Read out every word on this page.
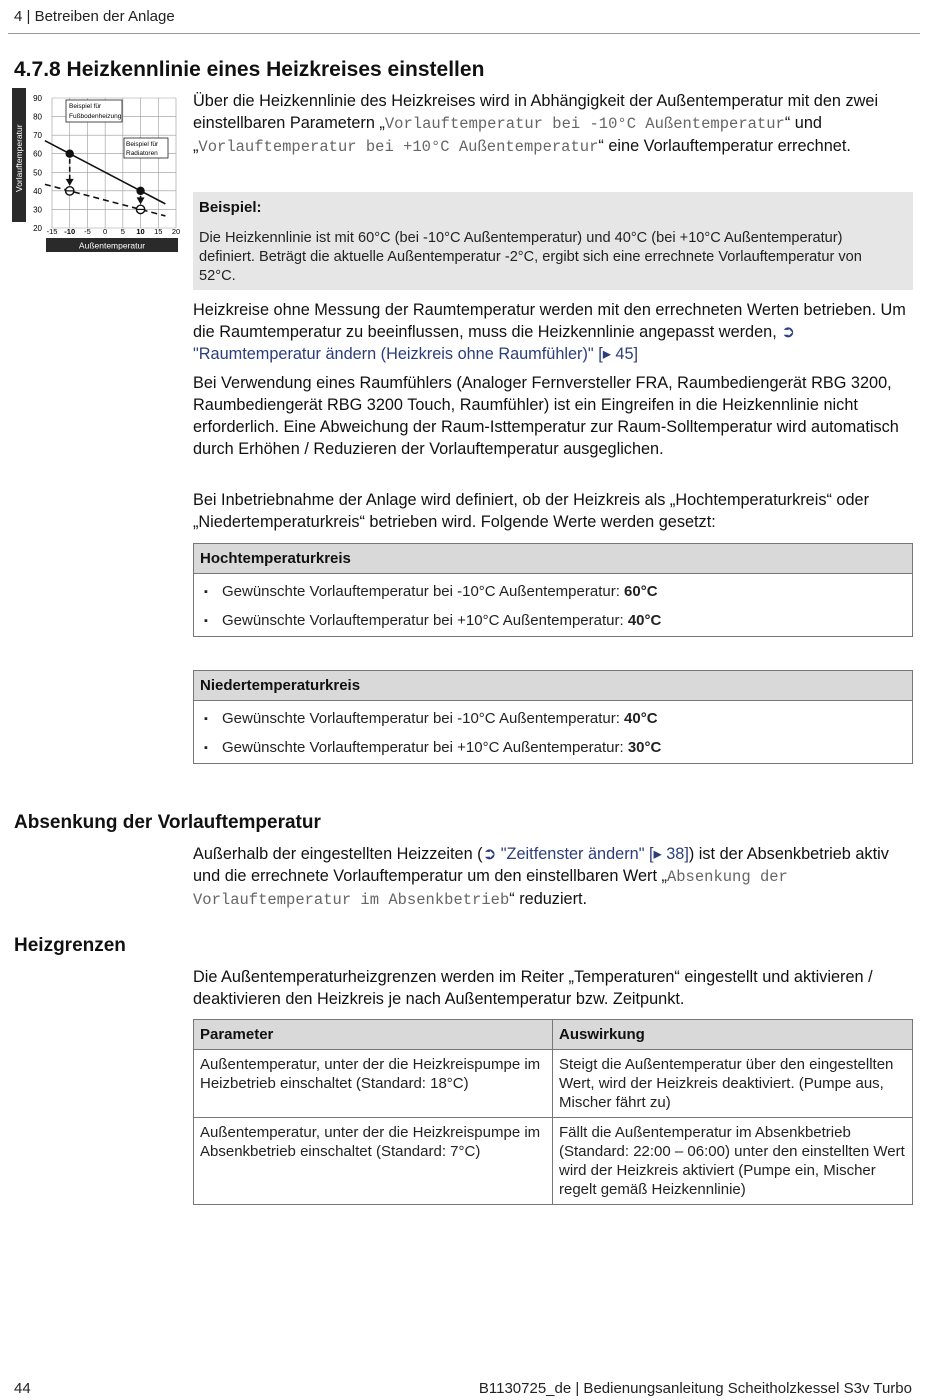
4 | Betreiben der Anlage
4.7.8 Heizkennlinie eines Heizkreises einstellen
Vorlauftemperatur
Außentemperatur
90
80
70
60
50
40
30
20 -15 -10 -5 0 5 10 15 20
Beispiel für
Fußbodenheizung
Beispiel für
Radiatoren

Über die Heizkennlinie des Heizkreises wird in Abhängigkeit der Außentemperatur mit den zwei einstellbaren Parametern „Vorlauftemperatur bei -10°C Außentemperatur“ und „Vorlauftemperatur bei +10°C Außentemperatur“ eine Vorlauftemperatur errechnet.

Beispiel:
Die Heizkennlinie ist mit 60°C (bei -10°C Außentemperatur) und 40°C (bei +10°C Außentemperatur) definiert. Beträgt die aktuelle Außentemperatur -2°C, ergibt sich eine errechnete Vorlauftemperatur von 52°C.

Heizkreise ohne Messung der Raumtemperatur werden mit den errechneten Werten betrieben. Um die Raumtemperatur zu beeinflussen, muss die Heizkennlinie angepasst werden, ➲ "Raumtemperatur ändern (Heizkreis ohne Raumfühler)" [▸ 45]

Bei Verwendung eines Raumfühlers (Analoger Fernversteller FRA, Raumbediengerät RBG 3200, Raumbediengerät RBG 3200 Touch, Raumfühler) ist ein Eingreifen in die Heizkennlinie nicht erforderlich. Eine Abweichung der Raum-Isttemperatur zur Raum-Solltemperatur wird automatisch durch Erhöhen / Reduzieren der Vorlauftemperatur ausgeglichen.
Bei Inbetriebnahme der Anlage wird definiert, ob der Heizkreis als „Hochtemperaturkreis“ oder „Niedertemperaturkreis“ betrieben wird. Folgende Werte werden gesetzt:
Hochtemperaturkreis
▪ Gewünschte Vorlauftemperatur bei -10°C Außentemperatur: 60°C
▪ Gewünschte Vorlauftemperatur bei +10°C Außentemperatur: 40°C
Niedertemperaturkreis
▪ Gewünschte Vorlauftemperatur bei -10°C Außentemperatur: 40°C
▪ Gewünschte Vorlauftemperatur bei +10°C Außentemperatur: 30°C
Absenkung der Vorlauftemperatur

Außerhalb der eingestellten Heizzeiten (➲ "Zeitfenster ändern" [▸ 38]) ist der Absenkbetrieb aktiv und die errechnete Vorlauftemperatur um den einstellbaren Wert „Absenkung der Vorlauftemperatur im Absenkbetrieb“ reduziert.

Heizgrenzen
Die Außentemperaturheizgrenzen werden im Reiter „Temperaturen“ eingestellt und aktivieren / deaktivieren den Heizkreis je nach Außentemperatur bzw. Zeitpunkt.
Parameter	Auswirkung
Außentemperatur, unter der die Heizkreispumpe im Heizbetrieb einschaltet (Standard: 18°C)	Steigt die Außentemperatur über den eingestellten Wert, wird der Heizkreis deaktiviert. (Pumpe aus, Mischer fährt zu)
Außentemperatur, unter der die Heizkreispumpe im Absenkbetrieb einschaltet (Standard: 7°C)	Fällt die Außentemperatur im Absenkbetrieb (Standard: 22:00 – 06:00) unter den einstellten Wert wird der Heizkreis aktiviert (Pumpe ein, Mischer regelt gemäß Heizkennlinie)
44	B1130725_de | Bedienungsanleitung Scheitholzkessel S3v Turbo
